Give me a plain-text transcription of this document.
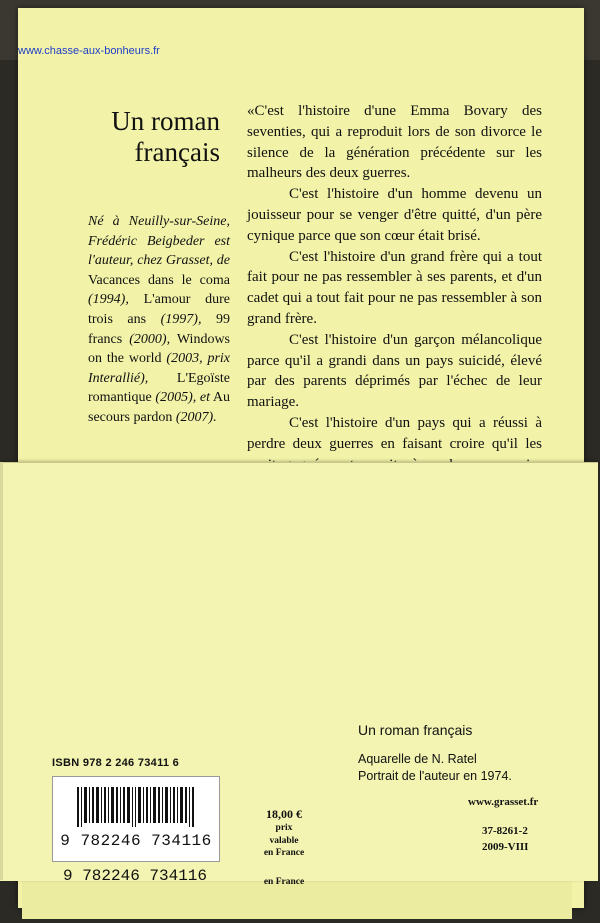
www.chasse-aux-bonheurs.fr
Un roman
français
Né à Neuilly-sur-Seine, Frédéric Beigbeder est l'auteur, chez Grasset, de Vacances dans le coma (1994), L'amour dure trois ans (1997), 99 francs (2000), Windows on the world (2003, prix Interallié), L'Egoïste romantique (2005), et Au secours pardon (2007).

«C'est l'histoire d'une Emma Bovary des seventies, qui a reproduit lors de son divorce le silence de la génération précédente sur les malheurs des deux guerres.

C'est l'histoire d'un homme devenu un jouisseur pour se venger d'être quitté, d'un père cynique parce que son cœur était brisé.

C'est l'histoire d'un grand frère qui a tout fait pour ne pas ressembler à ses parents, et d'un cadet qui a tout fait pour ne pas ressembler à son grand frère.

C'est l'histoire d'un garçon mélancolique parce qu'il a grandi dans un pays suicidé, élevé par des parents déprimés par l'échec de leur mariage.

C'est l'histoire d'un pays qui a réussi à perdre deux guerres en faisant croire qu'il les

ISBN 978 2 246 73411 6
9 782246 734116
9 782246 734116
18,00 €
prix valable
en France
en France
Un roman français
Aquarelle de N. Ratel
Portrait de l'auteur en 1974.
www.grasset.fr
37-8261-2
2009-VIII
